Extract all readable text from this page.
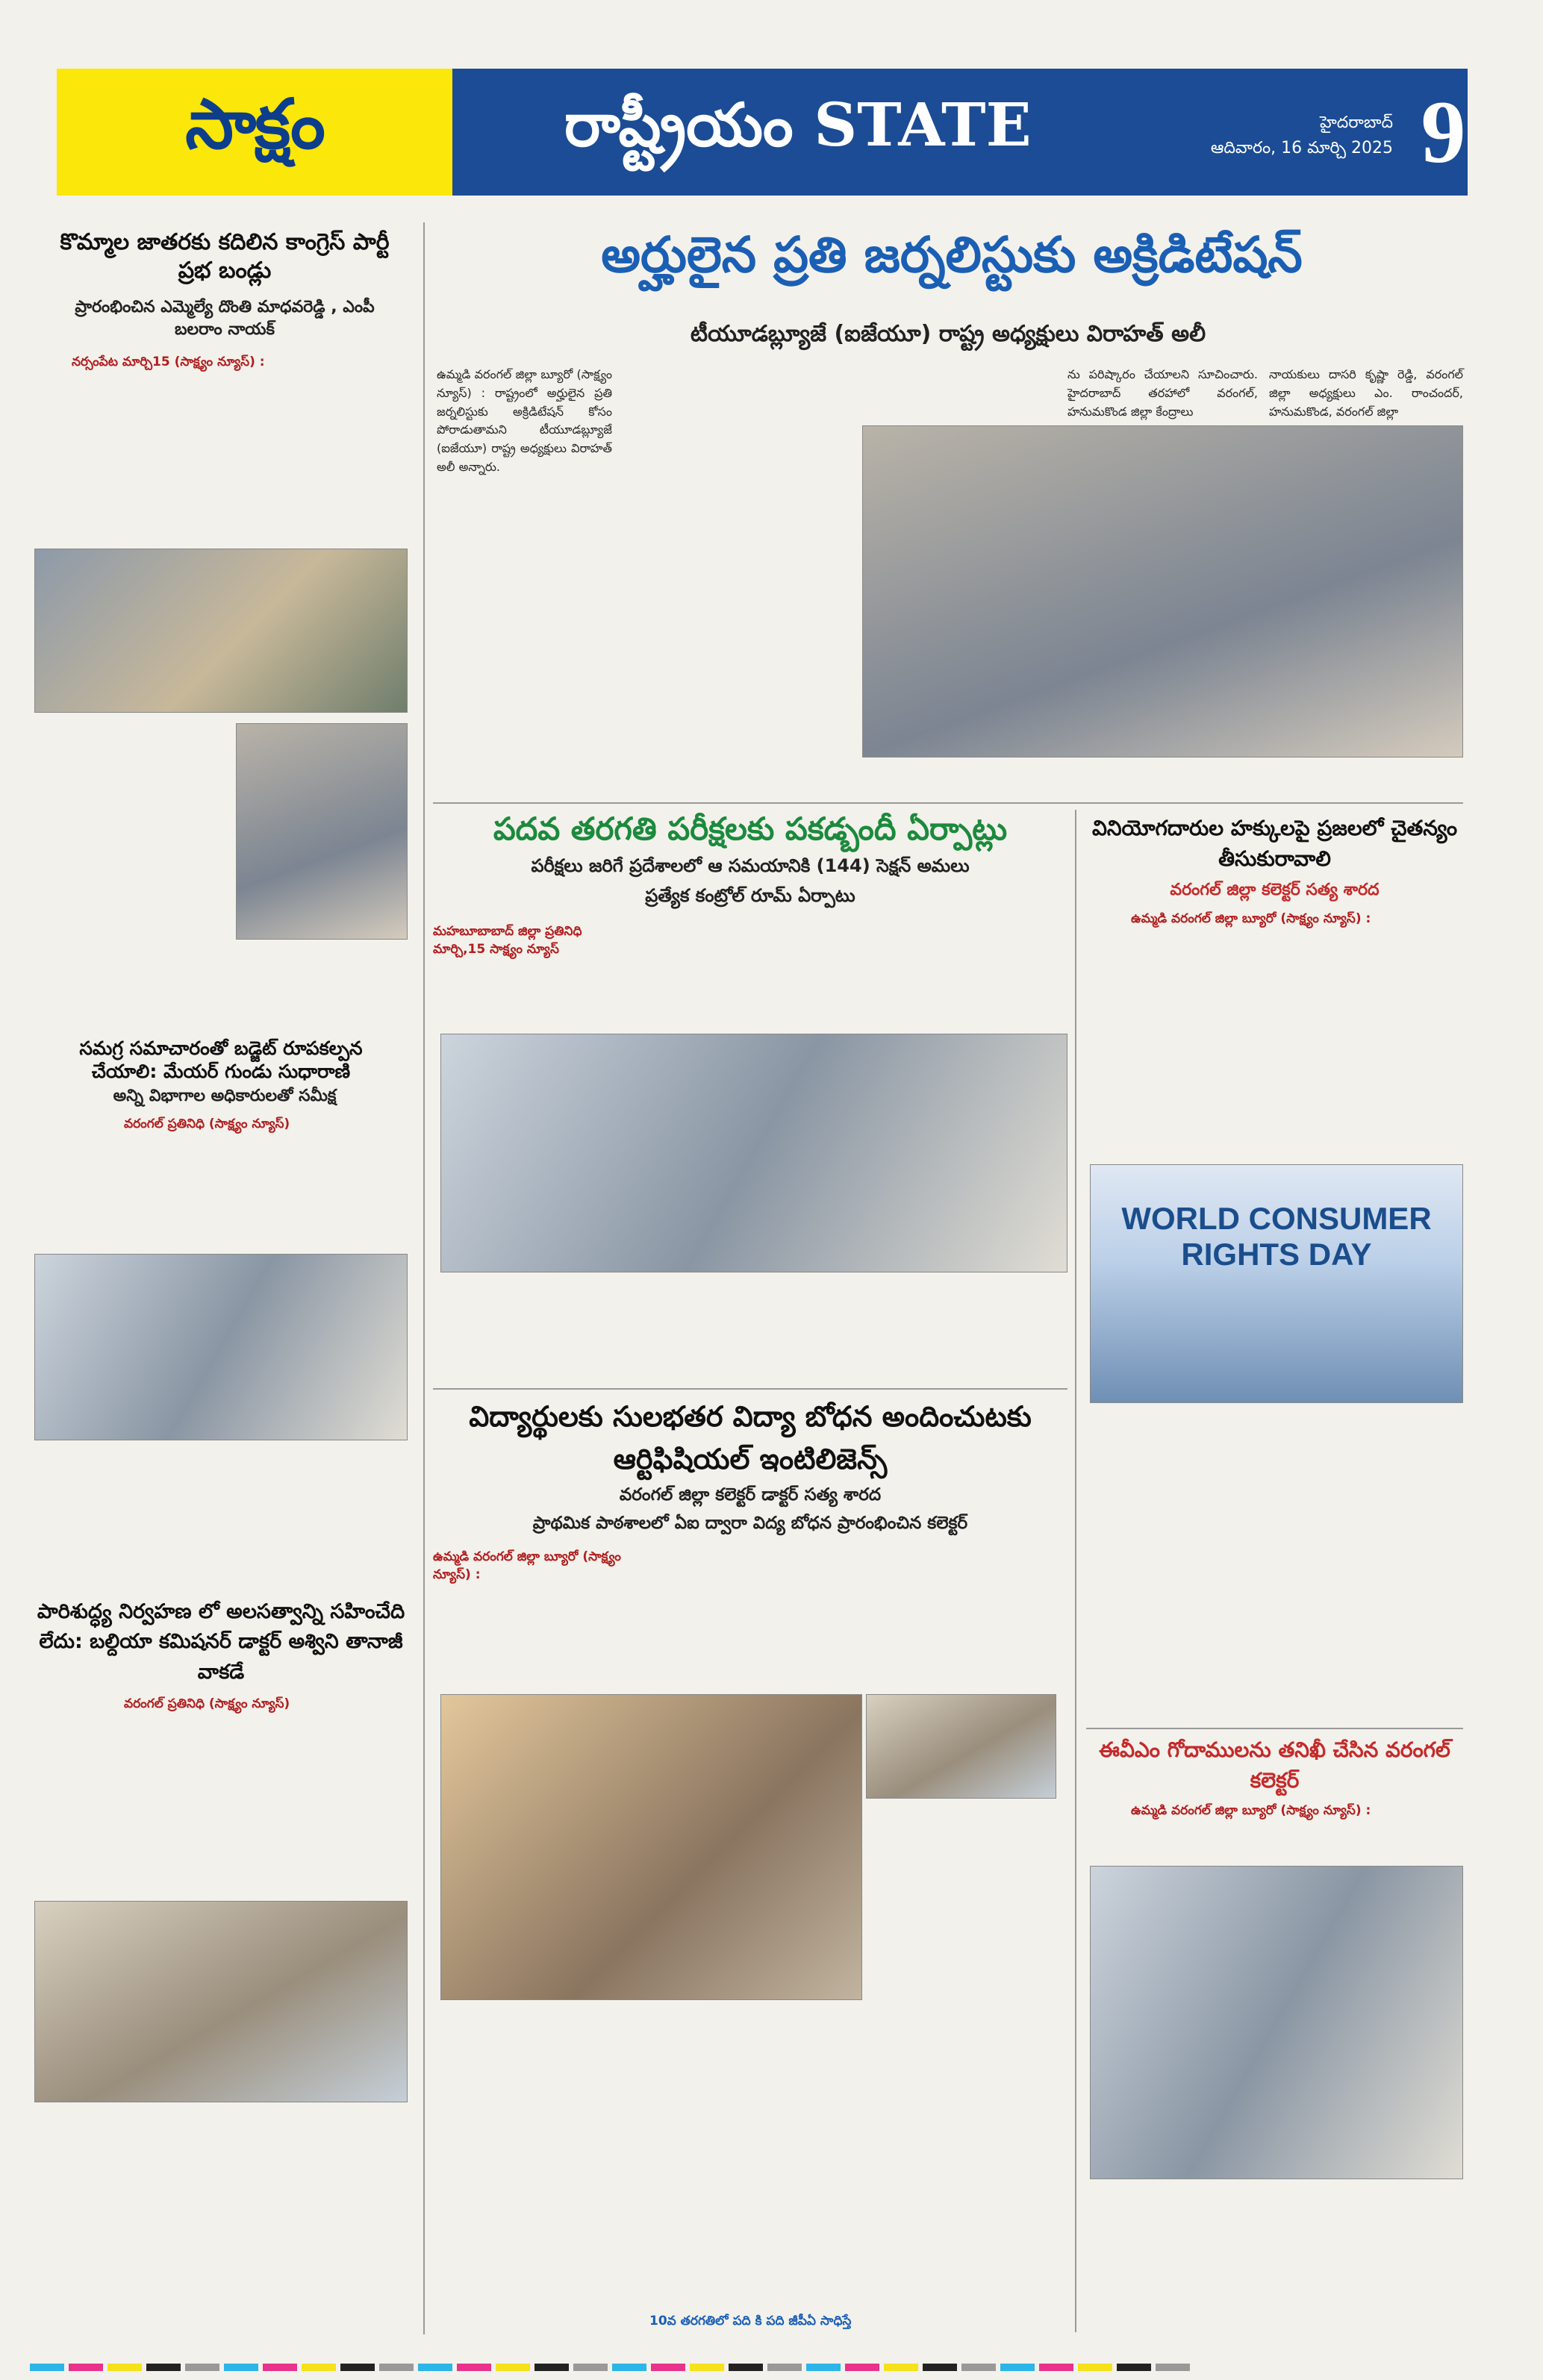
సాక్షం	రాష్ట్రీయం STATE	హైదరాబాద్
ఆదివారం, 16 మార్చి 2025 9
కొమ్మాల జాతరకు కదిలిన కాంగ్రెస్ పార్టీ ప్రభ బండ్లు
ప్రారంభించిన ఎమ్మెల్యే దొంతి మాధవరెడ్డి , ఎంపీ బలరాం నాయక్
నర్సంపేట మార్చి15 (సాక్ష్యం న్యూస్) :
సమగ్ర సమాచారంతో బడ్జెట్ రూపకల్పన
చేయాలి: మేయర్ గుండు సుధారాణి
అన్ని విభాగాల అధికారులతో సమీక్ష
వరంగల్ ప్రతినిధి (సాక్ష్యం న్యూస్)
పారిశుద్ధ్య నిర్వహణ లో అలసత్వాన్ని సహించేది లేదు: బల్దియా కమిషనర్ డాక్టర్ అశ్విని తానాజీ వాకడే
వరంగల్ ప్రతినిధి (సాక్ష్యం న్యూస్)
అర్హులైన ప్రతి జర్నలిస్టుకు అక్రిడిటేషన్
టీయూడబ్ల్యూజే (ఐజేయూ) రాష్ట్ర అధ్యక్షులు విరాహత్ అలీ
ఉమ్మడి వరంగల్ జిల్లా బ్యూరో (సాక్ష్యం న్యూస్) : రాష్ట్రంలో అర్హులైన ప్రతి జర్నలిస్టుకు అక్రిడిటేషన్ కోసం పోరాడుతామని టీయూడబ్ల్యూజే (ఐజేయూ) రాష్ట్ర అధ్యక్షులు విరాహత్ అలీ అన్నారు.
ను పరిష్కారం చేయాలని సూచించారు. హైదరాబాద్ తరహాలో వరంగల్, హనుమకొండ జిల్లా కేంద్రాలు
నాయకులు దాసరి కృష్ణా రెడ్డి, వరంగల్ జిల్లా అధ్యక్షులు ఎం. రాంచందర్, హనుమకొండ, వరంగల్ జిల్లా
పదవ తరగతి పరీక్షలకు పకడ్బందీ ఏర్పాట్లు
పరీక్షలు జరిగే ప్రదేశాలలో ఆ సమయానికి (144) సెక్షన్ అమలు
ప్రత్యేక కంట్రోల్ రూమ్ ఏర్పాటు
మహబూబాబాద్ జిల్లా ప్రతినిధి మార్చి,15 సాక్ష్యం న్యూస్
వినియోగదారుల హక్కులపై ప్రజలలో చైతన్యం తీసుకురావాలి
వరంగల్ జిల్లా కలెక్టర్ సత్య శారద
ఉమ్మడి వరంగల్ జిల్లా బ్యూరో (సాక్ష్యం న్యూస్) :
WORLD CONSUMER RIGHTS DAY
విద్యార్థులకు సులభతర విద్యా బోధన అందించుటకు ఆర్టిఫిషియల్ ఇంటిలిజెన్స్
వరంగల్ జిల్లా కలెక్టర్ డాక్టర్ సత్య శారద
ప్రాథమిక పాఠశాలలో ఏఐ ద్వారా విద్య బోధన ప్రారంభించిన కలెక్టర్
ఉమ్మడి వరంగల్ జిల్లా బ్యూరో (సాక్ష్యం న్యూస్) :
10వ తరగతిలో పది కి పది జీపీఏ సాధిస్తే
ఈవీఎం గోదాములను తనిఖీ చేసిన వరంగల్ కలెక్టర్
ఉమ్మడి వరంగల్ జిల్లా బ్యూరో (సాక్ష్యం న్యూస్) :
